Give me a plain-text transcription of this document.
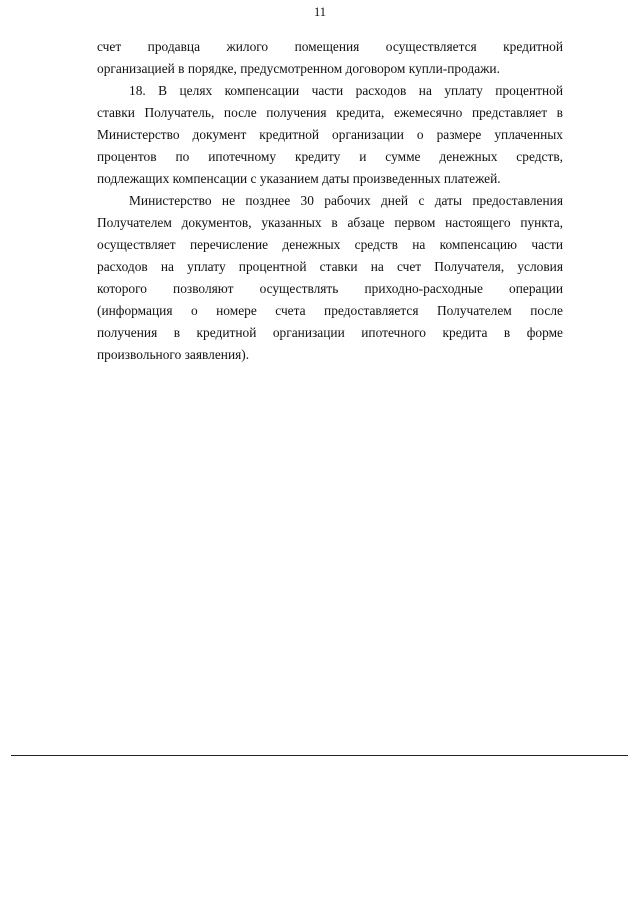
11
счет продавца жилого помещения осуществляется кредитной
организацией в порядке, предусмотренном договором купли-продажи.
18. В целях компенсации части расходов на уплату процентной
ставки Получатель, после получения кредита, ежемесячно представляет в
Министерство документ кредитной организации о размере уплаченных
процентов по ипотечному кредиту и сумме денежных средств,
подлежащих компенсации с указанием даты произведенных платежей.
Министерство не позднее 30 рабочих дней с даты предоставления
Получателем документов, указанных в абзаце первом настоящего пункта,
осуществляет перечисление денежных средств на компенсацию части
расходов на уплату процентной ставки на счет Получателя, условия
которого позволяют осуществлять приходно-расходные операции
(информация о номере счета предоставляется Получателем после
получения в кредитной организации ипотечного кредита в форме
произвольного заявления).
